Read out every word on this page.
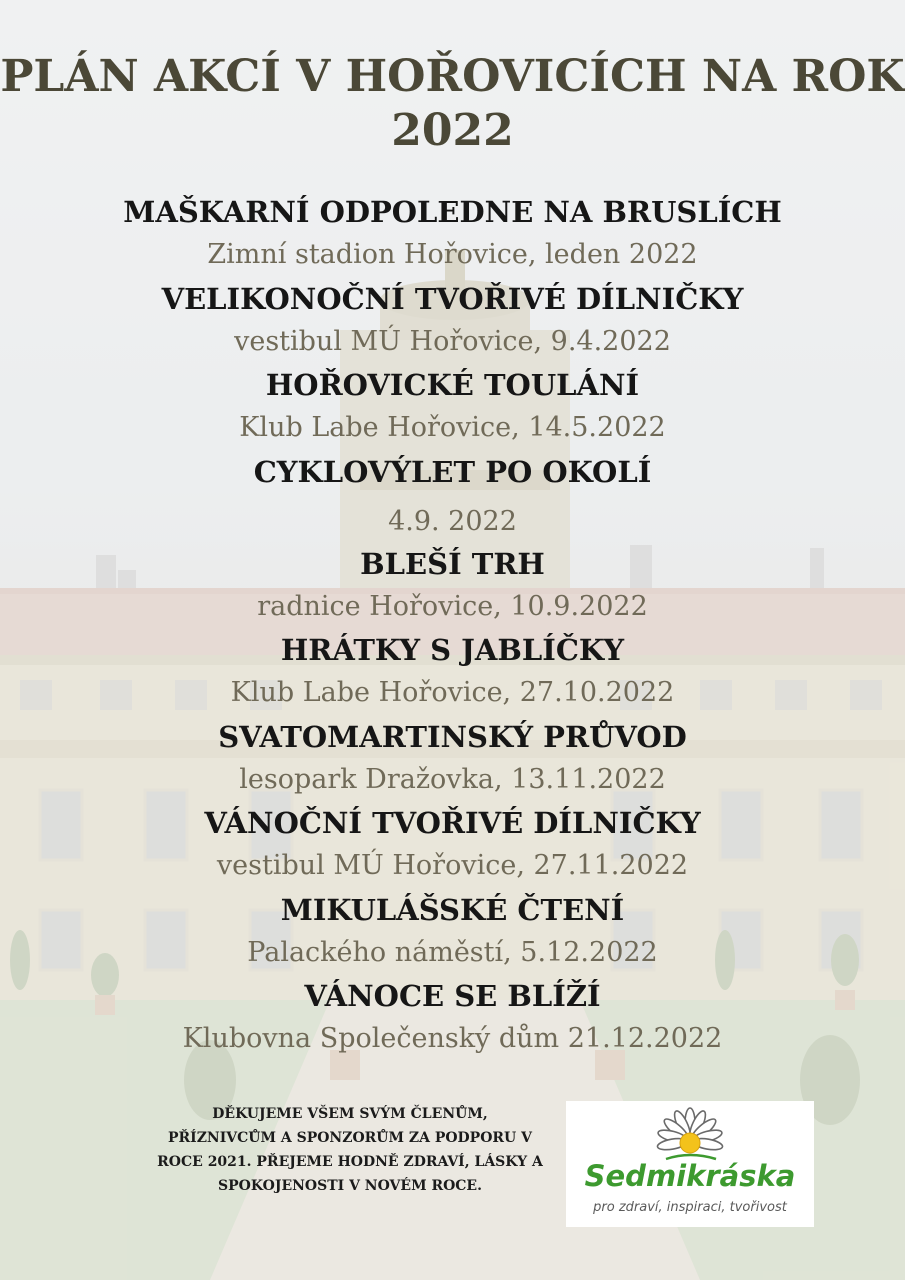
PLÁN AKCÍ V HOŘOVICÍCH NA ROK 2022
MAŠKARNÍ ODPOLEDNE NA BRUSLÍCH
Zimní stadion Hořovice, leden 2022
VELIKONOČNÍ TVOŘIVÉ DÍLNIČKY
vestibul MÚ Hořovice, 9.4.2022
HOŘOVICKÉ TOULÁNÍ
Klub Labe Hořovice, 14.5.2022
CYKLOVÝLET PO OKOLÍ
4.9. 2022
BLEŠÍ TRH
radnice Hořovice, 10.9.2022
HRÁTKY S JABLÍČKY
Klub Labe Hořovice, 27.10.2022
SVATOMARTINSKÝ PRŮVOD
lesopark Dražovka, 13.11.2022
VÁNOČNÍ TVOŘIVÉ DÍLNIČKY
vestibul MÚ Hořovice, 27.11.2022
MIKULÁŠSKÉ ČTENÍ
Palackého náměstí, 5.12.2022
VÁNOCE SE BLÍŽÍ
Klubovna Společenský dům 21.12.2022

DĚKUJEME VŠEM SVÝM ČLENŮM,
PŘÍZNIVCŮM A SPONZORŮM ZA PODPORU V
ROCE 2021. PŘEJEME HODNĚ ZDRAVÍ, LÁSKY A
SPOKOJENOSTI V NOVÉM ROCE.	Sedmikráska
pro zdraví, inspiraci, tvořivost
